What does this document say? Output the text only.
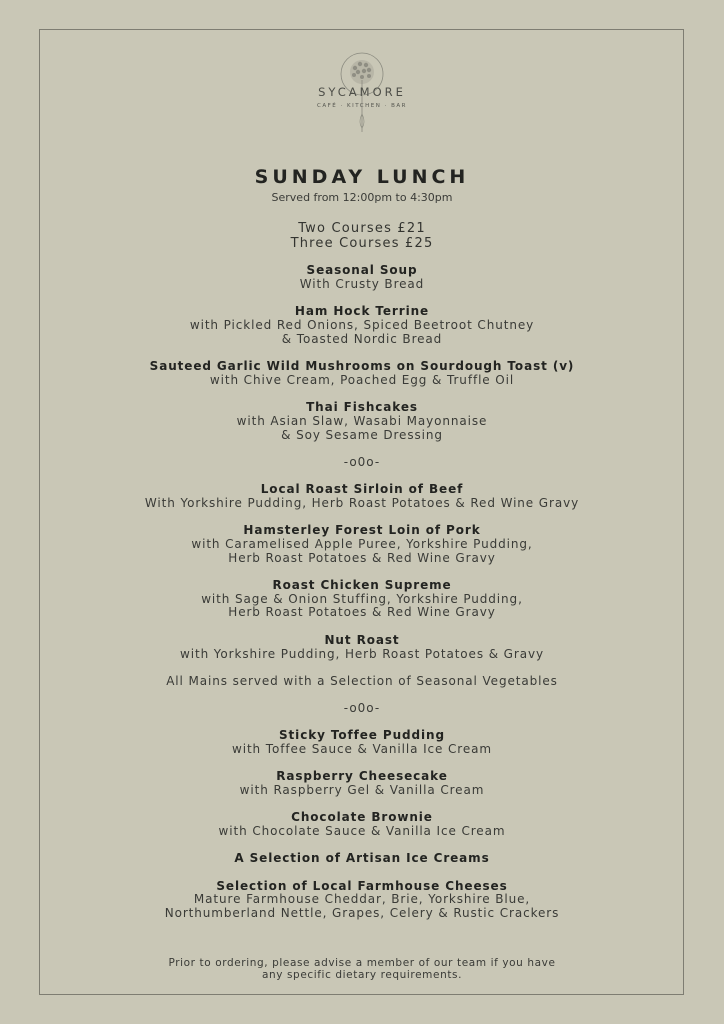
SYCAMORE
CAFÉ · KITCHEN · BAR
SUNDAY LUNCH
Served from 12:00pm to 4:30pm
Two Courses £21
Three Courses £25
Seasonal Soup
With Crusty Bread
Ham Hock Terrine
with Pickled Red Onions, Spiced Beetroot Chutney
& Toasted Nordic Bread
Sauteed Garlic Wild Mushrooms on Sourdough Toast (v)
with Chive Cream, Poached Egg & Truffle Oil
Thai Fishcakes
with Asian Slaw, Wasabi Mayonnaise
& Soy Sesame Dressing
-o0o-
Local Roast Sirloin of Beef
With Yorkshire Pudding, Herb Roast Potatoes & Red Wine Gravy
Hamsterley Forest Loin of Pork
with Caramelised Apple Puree, Yorkshire Pudding,
Herb Roast Potatoes & Red Wine Gravy
Roast Chicken Supreme
with Sage & Onion Stuffing, Yorkshire Pudding,
Herb Roast Potatoes & Red Wine Gravy
Nut Roast
with Yorkshire Pudding, Herb Roast Potatoes & Gravy
All Mains served with a Selection of Seasonal Vegetables
-o0o-
Sticky Toffee Pudding
with Toffee Sauce & Vanilla Ice Cream
Raspberry Cheesecake
with Raspberry Gel & Vanilla Cream
Chocolate Brownie
with Chocolate Sauce & Vanilla Ice Cream
A Selection of Artisan Ice Creams
Selection of Local Farmhouse Cheeses
Mature Farmhouse Cheddar, Brie, Yorkshire Blue,
Northumberland Nettle, Grapes, Celery & Rustic Crackers
Prior to ordering, please advise a member of our team if you have
any specific dietary requirements.
